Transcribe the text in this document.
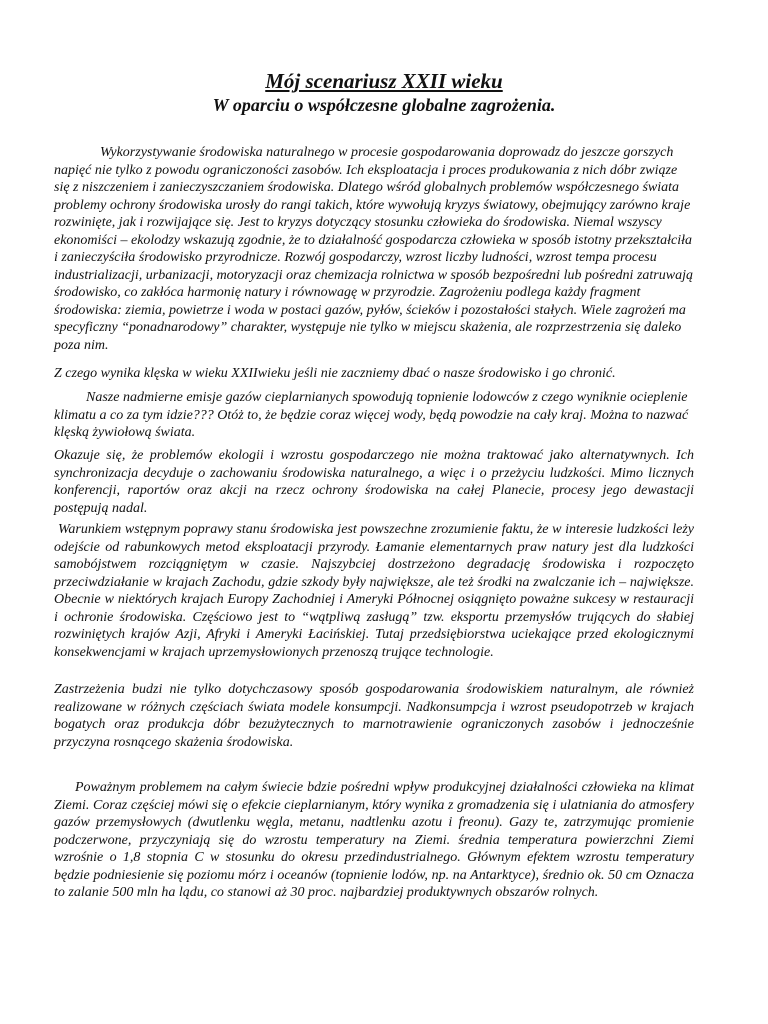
Mój scenariusz XXII wieku
W oparciu o współczesne globalne zagrożenia.

Wykorzystywanie środowiska naturalnego w procesie gospodarowania doprowadz do jeszcze gorszych napięć nie tylko z powodu ograniczoności zasobów. Ich eksploatacja i proces produkowania z nich dóbr związe się z niszczeniem i zanieczyszczaniem środowiska. Dlatego wśród globalnych problemów współczesnego świata problemy ochrony środowiska urosły do rangi takich, które wywołują kryzys światowy, obejmujący zarówno kraje rozwinięte, jak i rozwijające się. Jest to kryzys dotyczący stosunku człowieka do środowiska. Niemal wszyscy ekonomiści – ekolodzy wskazują zgodnie, że to działalność gospodarcza człowieka w sposób istotny przekształciła i zanieczyściła środowisko przyrodnicze. Rozwój gospodarczy, wzrost liczby ludności, wzrost tempa procesu industrializacji, urbanizacji, motoryzacji oraz chemizacja rolnictwa w sposób bezpośredni lub pośredni zatruwają środowisko, co zakłóca harmonię natury i równowagę w przyrodzie. Zagrożeniu podlega każdy fragment środowiska: ziemia, powietrze i woda w postaci gazów, pyłów, ścieków i pozostałości stałych. Wiele zagrożeń ma specyficzny “ponadnarodowy” charakter, występuje nie tylko w miejscu skażenia, ale rozprzestrzenia się daleko poza nim.

Z czego wynika klęska w wieku XXIIwieku jeśli nie zaczniemy dbać o nasze środowisko i go chronić.

Nasze nadmierne emisje gazów cieplarnianych spowodują topnienie lodowców z czego wyniknie ocieplenie klimatu a co za tym idzie??? Otóż to, że będzie coraz więcej wody, będą powodzie na cały kraj. Można to nazwać klęską żywiołową świata.

Okazuje się, że problemów ekologii i wzrostu gospodarczego nie można traktować jako alternatywnych. Ich synchronizacja decyduje o zachowaniu środowiska naturalnego, a więc i o przeżyciu ludzkości. Mimo licznych konferencji, raportów oraz akcji na rzecz ochrony środowiska na całej Planecie, procesy jego dewastacji postępują nadal.

Warunkiem wstępnym poprawy stanu środowiska jest powszechne zrozumienie faktu, że w interesie ludzkości leży odejście od rabunkowych metod eksploatacji przyrody. Łamanie elementarnych praw natury jest dla ludzkości samobójstwem rozciągniętym w czasie. Najszybciej dostrzeżono degradację środowiska i rozpoczęto przeciwdziałanie w krajach Zachodu, gdzie szkody były największe, ale też środki na zwalczanie ich – największe. Obecnie w niektórych krajach Europy Zachodniej i Ameryki Północnej osiągnięto poważne sukcesy w restauracji i ochronie środowiska. Częściowo jest to “wątpliwą zasługą” tzw. eksportu przemysłów trujących do słabiej rozwiniętych krajów Azji, Afryki i Ameryki Łacińskiej. Tutaj przedsiębiorstwa uciekające przed ekologicznymi konsekwencjami w krajach uprzemysłowionych przenoszą trujące technologie.

Zastrzeżenia budzi nie tylko dotychczasowy sposób gospodarowania środowiskiem naturalnym, ale również realizowane w różnych częściach świata modele konsumpcji. Nadkonsumpcja i wzrost pseudopotrzeb w krajach bogatych oraz produkcja dóbr bezużytecznych to marnotrawienie ograniczonych zasobów i jednocześnie przyczyna rosnącego skażenia środowiska.

Poważnym problemem na całym świecie bdzie pośredni wpływ produkcyjnej działalności człowieka na klimat Ziemi. Coraz częściej mówi się o efekcie cieplarnianym, który wynika z gromadzenia się i ulatniania do atmosfery gazów przemysłowych (dwutlenku węgla, metanu, nadtlenku azotu i freonu). Gazy te, zatrzymując promienie podczerwone, przyczyniają się do wzrostu temperatury na Ziemi. średnia temperatura powierzchni Ziemi wzrośnie o 1,8 stopnia C w stosunku do okresu przedindustrialnego. Głównym efektem wzrostu temperatury będzie podniesienie się poziomu mórz i oceanów (topnienie lodów, np. na Antarktyce), średnio ok. 50 cm Oznacza to zalanie 500 mln ha lądu, co stanowi aż 30 proc. najbardziej produktywnych obszarów rolnych.
